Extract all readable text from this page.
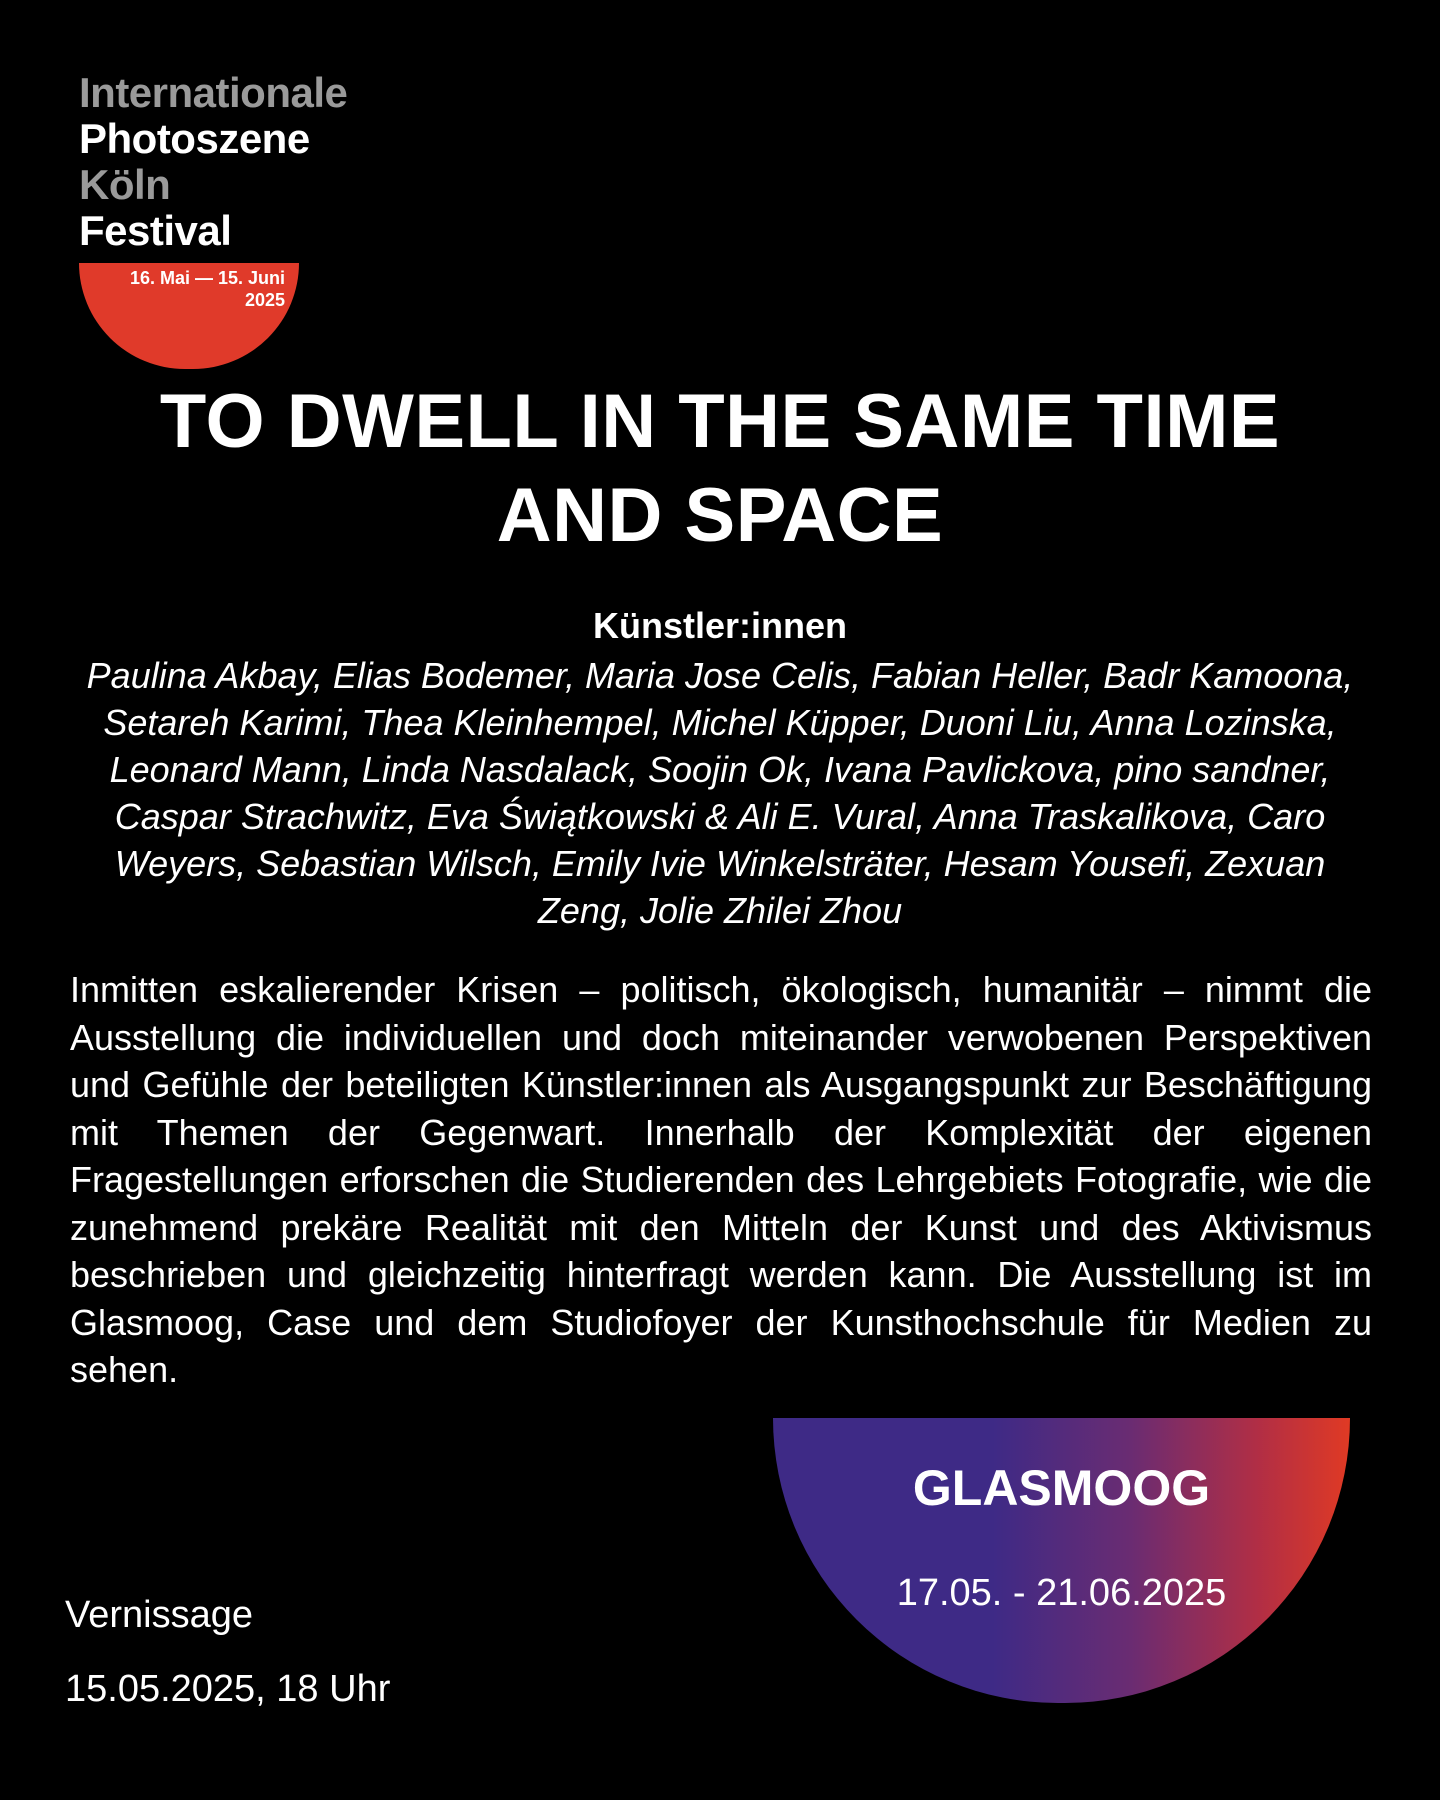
Internationale
Photoszene
Köln
Festival
16. Mai — 15. Juni
2025
TO DWELL IN THE SAME TIME
AND SPACE
Künstler:innen
Paulina Akbay, Elias Bodemer, Maria Jose Celis, Fabian Heller, Badr Kamoona, Setareh Karimi, Thea Kleinhempel, Michel Küpper, Duoni Liu, Anna Lozinska, Leonard Mann, Linda Nasdalack, Soojin Ok, Ivana Pavlickova, pino sandner, Caspar Strachwitz, Eva Świątkowski & Ali E. Vural, Anna Traskalikova, Caro Weyers, Sebastian Wilsch, Emily Ivie Winkelsträter, Hesam Yousefi, Zexuan Zeng, Jolie Zhilei Zhou
Inmitten eskalierender Krisen – politisch, ökologisch, humanitär – nimmt die Ausstellung die individuellen und doch miteinander verwobenen Perspektiven und Gefühle der beteiligten Künstler:innen als Ausgangspunkt zur Beschäftigung mit Themen der Gegenwart. Innerhalb der Komplexität der eigenen Fragestellungen erforschen die Studierenden des Lehrgebiets Fotografie, wie die zunehmend prekäre Realität mit den Mitteln der Kunst und des Aktivismus beschrieben und gleichzeitig hinterfragt werden kann. Die Ausstellung ist im Glasmoog, Case und dem Studiofoyer der Kunsthochschule für Medien zu sehen.
GLASMOOG
17.05. - 21.06.2025
Vernissage
15.05.2025, 18 Uhr
